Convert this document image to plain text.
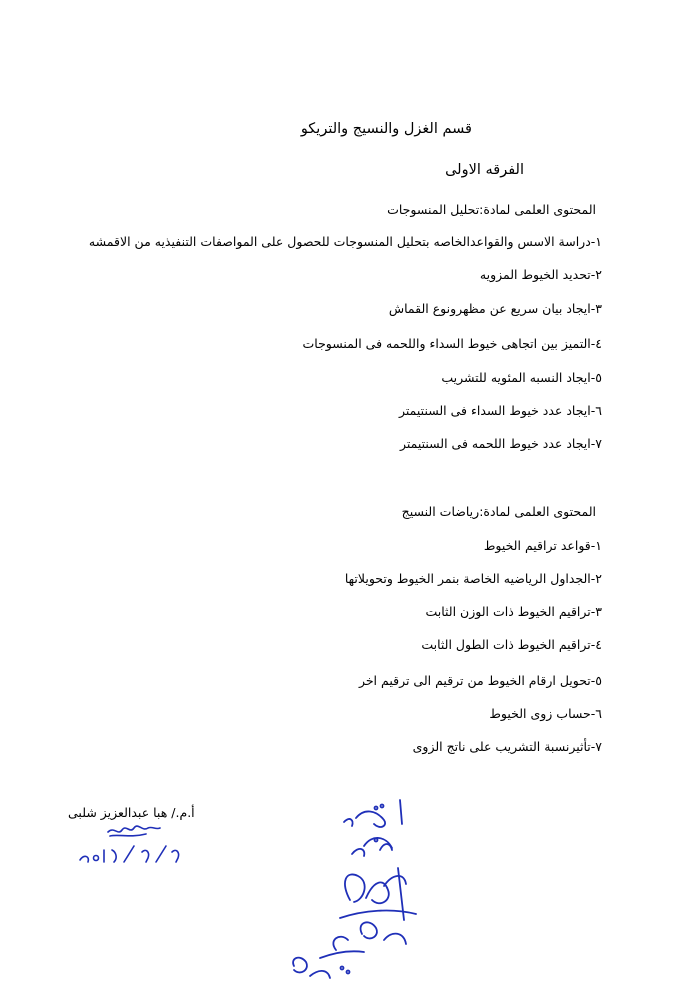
قسم الغزل والنسيج والتريكو
الفرقه الاولى
المحتوى العلمى لمادة:تحليل المنسوجات
١-دراسة الاسس والقواعدالخاصه بتحليل المنسوجات للحصول على المواصفات التنفيذيه من الاقمشه
٢-تحديد الخيوط المزويه
٣-ايجاد بيان سريع عن مظهرونوع القماش
٤-التميز بين اتجاهى خيوط السداء واللحمه فى المنسوجات
٥-ايجاد النسبه المئويه للتشريب
٦-ايجاد عدد خيوط السداء فى السنتيمتر
٧-ايجاد عدد خيوط اللحمه فى السنتيمتر
المحتوى العلمى لمادة:رياضات النسيج
١-قواعد تراقيم الخيوط
٢-الجداول الرياضيه الخاصة بنمر الخيوط وتحويلاتها
٣-تراقيم الخيوط ذات الوزن الثابت
٤-تراقيم الخيوط ذات الطول الثابت
٥-تحويل ارقام الخيوط من ترقيم الى ترقيم اخر
٦-حساب زوى الخيوط
٧-تأثيرنسبة التشريب على ناتج الزوى
أ.م./ هبا عبدالعزيز شلبى
